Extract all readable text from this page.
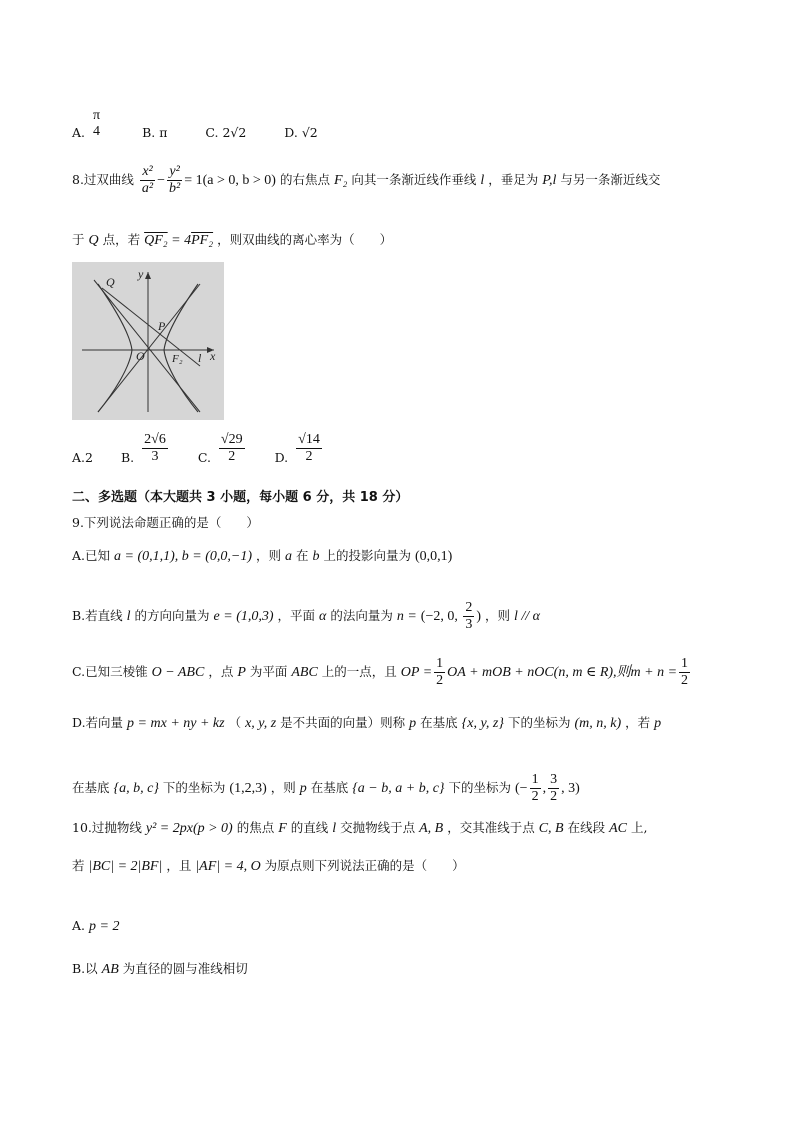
A.
π
4	B. π	C. 2√2	D. √2
8.过双曲线 $\frac{\text{x²}}{\text{a²}} - \frac{\text{y²}}{\text{b²}} = 1(a > 0$, b > 0) 的右焦点 F₂ 向其一条渐近线作垂线 l ，垂足为 P,l 与另一条渐近线交
于 Q 点，若 QF₂ = 4PF₂ ，则双曲线的离心率为（　　）
Q
y
P
O F₂ l x
A.2 B. $\frac{2√6}{3} C$. $\frac{√29}{2} D$. $\frac{√14}{2}$
二、多选题（本大题共 3 小题，每小题 6 分，共 18 分）
9.下列说法命题正确的是（　　）
A.已知 a = (0,1,1), b = (0,0,−1) ，则 a 在 b 上的投影向量为 (0,0,1)
B.若直线 l 的方向向量为 e = (1,0,3) ，平面 α 的法向量为 n = (−2, 0, $\frac{2}{3}$ ) ，则 l // α
C.已知三棱锥 O − ABC ，点 P 为平面 ABC 上的一点，且 OP = $\frac{1}{2}$ OA + mOB + nOC(n, m ∈ R),则$m + n = \frac{1}{2}$
D.若向量 p = mx + ny + kz （ x, y, z 是不共面的向量）则称 p 在基底 {x, y, z} 下的坐标为 (m, n, k) ，若 p
在基底 {a, b, c} 下的坐标为 (1,2,3) ，则 p 在基底 {a − b, a + b, c} 下的坐标为 (− $\frac{1}{2}$ , $\frac{3}{2}$ , 3)
10.过抛物线 y² = 2px(p > 0) 的焦点 F 的直线 l 交抛物线于点 A, B ，交其准线于点 C, B 在线段 AC 上,
若 |BC| = 2|BF| ，且 |AF| = 4, O 为原点则下列说法正确的是（　　）
A. p = 2
B.以 AB 为直径的圆与准线相切
